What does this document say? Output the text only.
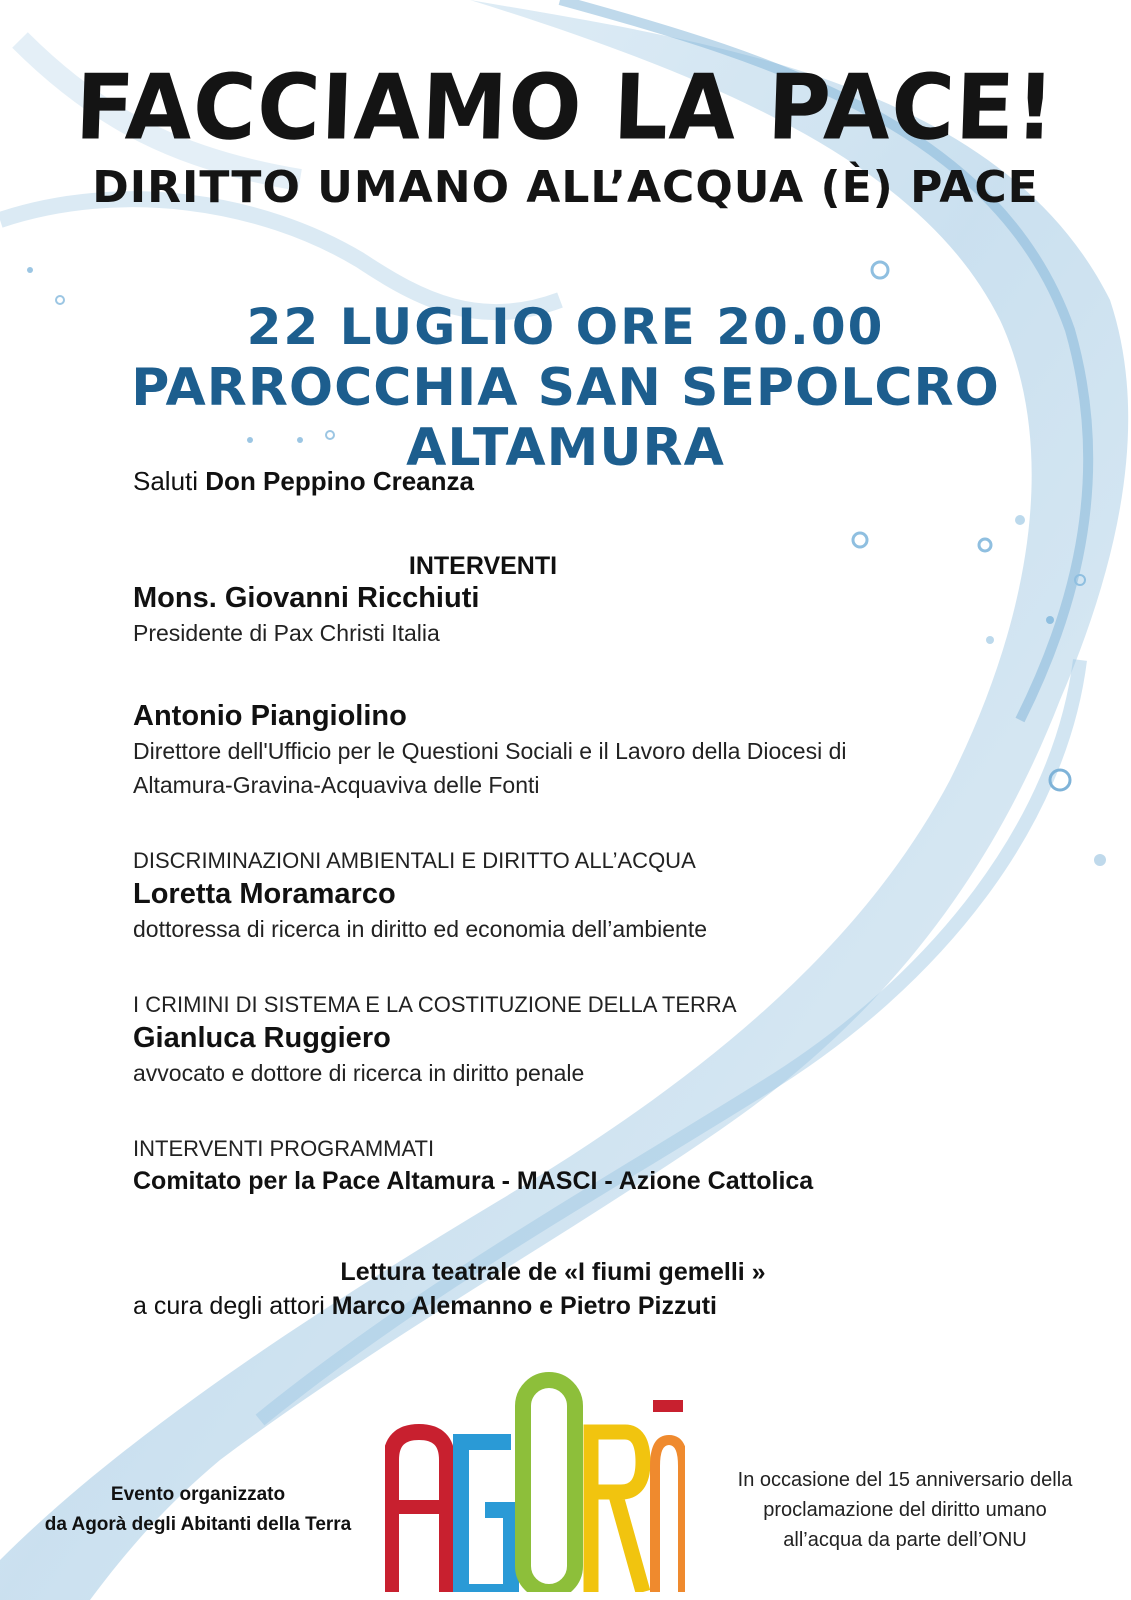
FACCIAMO LA PACE!
DIRITTO UMANO ALL’ACQUA (È) PACE
22 LUGLIO ORE 20.00
PARROCCHIA SAN SEPOLCRO ALTAMURA
Saluti Don Peppino Creanza
INTERVENTI
Mons. Giovanni Ricchiuti
Presidente di Pax Christi Italia
Antonio Piangiolino
Direttore dell'Ufficio per le Questioni Sociali e il Lavoro della Diocesi di
Altamura-Gravina-Acquaviva delle Fonti
DISCRIMINAZIONI AMBIENTALI E DIRITTO ALL’ACQUA
Loretta Moramarco
dottoressa di ricerca in diritto ed economia dell’ambiente
I CRIMINI DI SISTEMA E LA COSTITUZIONE DELLA TERRA
Gianluca Ruggiero
avvocato e dottore di ricerca in diritto penale
INTERVENTI PROGRAMMATI
Comitato per la Pace Altamura - MASCI - Azione Cattolica
Lettura teatrale de «I fiumi gemelli »
a cura degli attori Marco Alemanno e Pietro Pizzuti
Evento organizzato
da Agorà degli Abitanti della Terra
In occasione del 15 anniversario della
proclamazione del diritto umano
all’acqua da parte dell’ONU
